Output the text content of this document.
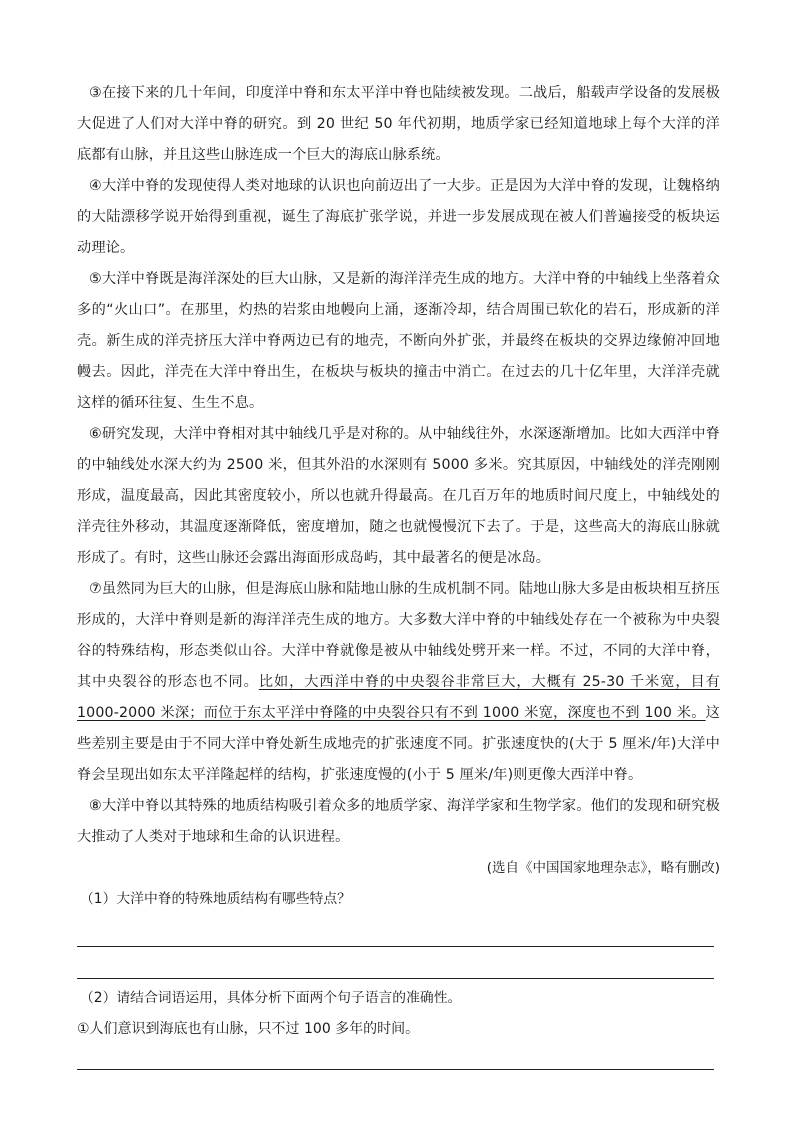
③在接下来的几十年间，印度洋中脊和东太平洋中脊也陆续被发现。二战后，船载声学设备的发展极大促进了人们对大洋中脊的研究。到 20 世纪 50 年代初期，地质学家已经知道地球上每个大洋的洋底都有山脉，并且这些山脉连成一个巨大的海底山脉系统。

④大洋中脊的发现使得人类对地球的认识也向前迈出了一大步。正是因为大洋中脊的发现，让魏格纳的大陆漂移学说开始得到重视，诞生了海底扩张学说，并进一步发展成现在被人们普遍接受的板块运动理论。

⑤大洋中脊既是海洋深处的巨大山脉，又是新的海洋洋壳生成的地方。大洋中脊的中轴线上坐落着众多的“火山口”。在那里，灼热的岩浆由地幔向上涌，逐渐冷却，结合周围已软化的岩石，形成新的洋壳。新生成的洋壳挤压大洋中脊两边已有的地壳，不断向外扩张，并最终在板块的交界边缘俯冲回地幔去。因此，洋壳在大洋中脊出生，在板块与板块的撞击中消亡。在过去的几十亿年里，大洋洋壳就这样的循环往复、生生不息。

⑥研究发现，大洋中脊相对其中轴线几乎是对称的。从中轴线往外，水深逐渐增加。比如大西洋中脊的中轴线处水深大约为 2500 米，但其外沿的水深则有 5000 多米。究其原因，中轴线处的洋壳刚刚形成，温度最高，因此其密度较小，所以也就升得最高。在几百万年的地质时间尺度上，中轴线处的洋壳往外移动，其温度逐渐降低，密度增加，随之也就慢慢沉下去了。于是，这些高大的海底山脉就形成了。有时，这些山脉还会露出海面形成岛屿，其中最著名的便是冰岛。

⑦虽然同为巨大的山脉，但是海底山脉和陆地山脉的生成机制不同。陆地山脉大多是由板块相互挤压形成的，大洋中脊则是新的海洋洋壳生成的地方。大多数大洋中脊的中轴线处存在一个被称为中央裂谷的特殊结构，形态类似山谷。大洋中脊就像是被从中轴线处劈开来一样。不过，不同的大洋中脊，其中央裂谷的形态也不同。比如，大西洋中脊的中央裂谷非常巨大，大概有 25-30 千米宽，目有 1000-2000 米深；而位于东太平洋中脊隆的中央裂谷只有不到 1000 米宽，深度也不到 100 米。这些差别主要是由于不同大洋中脊处新生成地壳的扩张速度不同。扩张速度快的(大于 5 厘米/年)大洋中脊会呈现出如东太平洋隆起样的结构，扩张速度慢的(小于 5 厘米/年)则更像大西洋中脊。

⑧大洋中脊以其特殊的地质结构吸引着众多的地质学家、海洋学家和生物学家。他们的发现和研究极大推动了人类对于地球和生命的认识进程。

(选自《中国国家地理杂志》，略有删改)

（1）大洋中脊的特殊地质结构有哪些特点？

（2）请结合词语运用，具体分析下面两个句子语言的准确性。

①人们意识到海底也有山脉，只不过 100 多年的时间。
